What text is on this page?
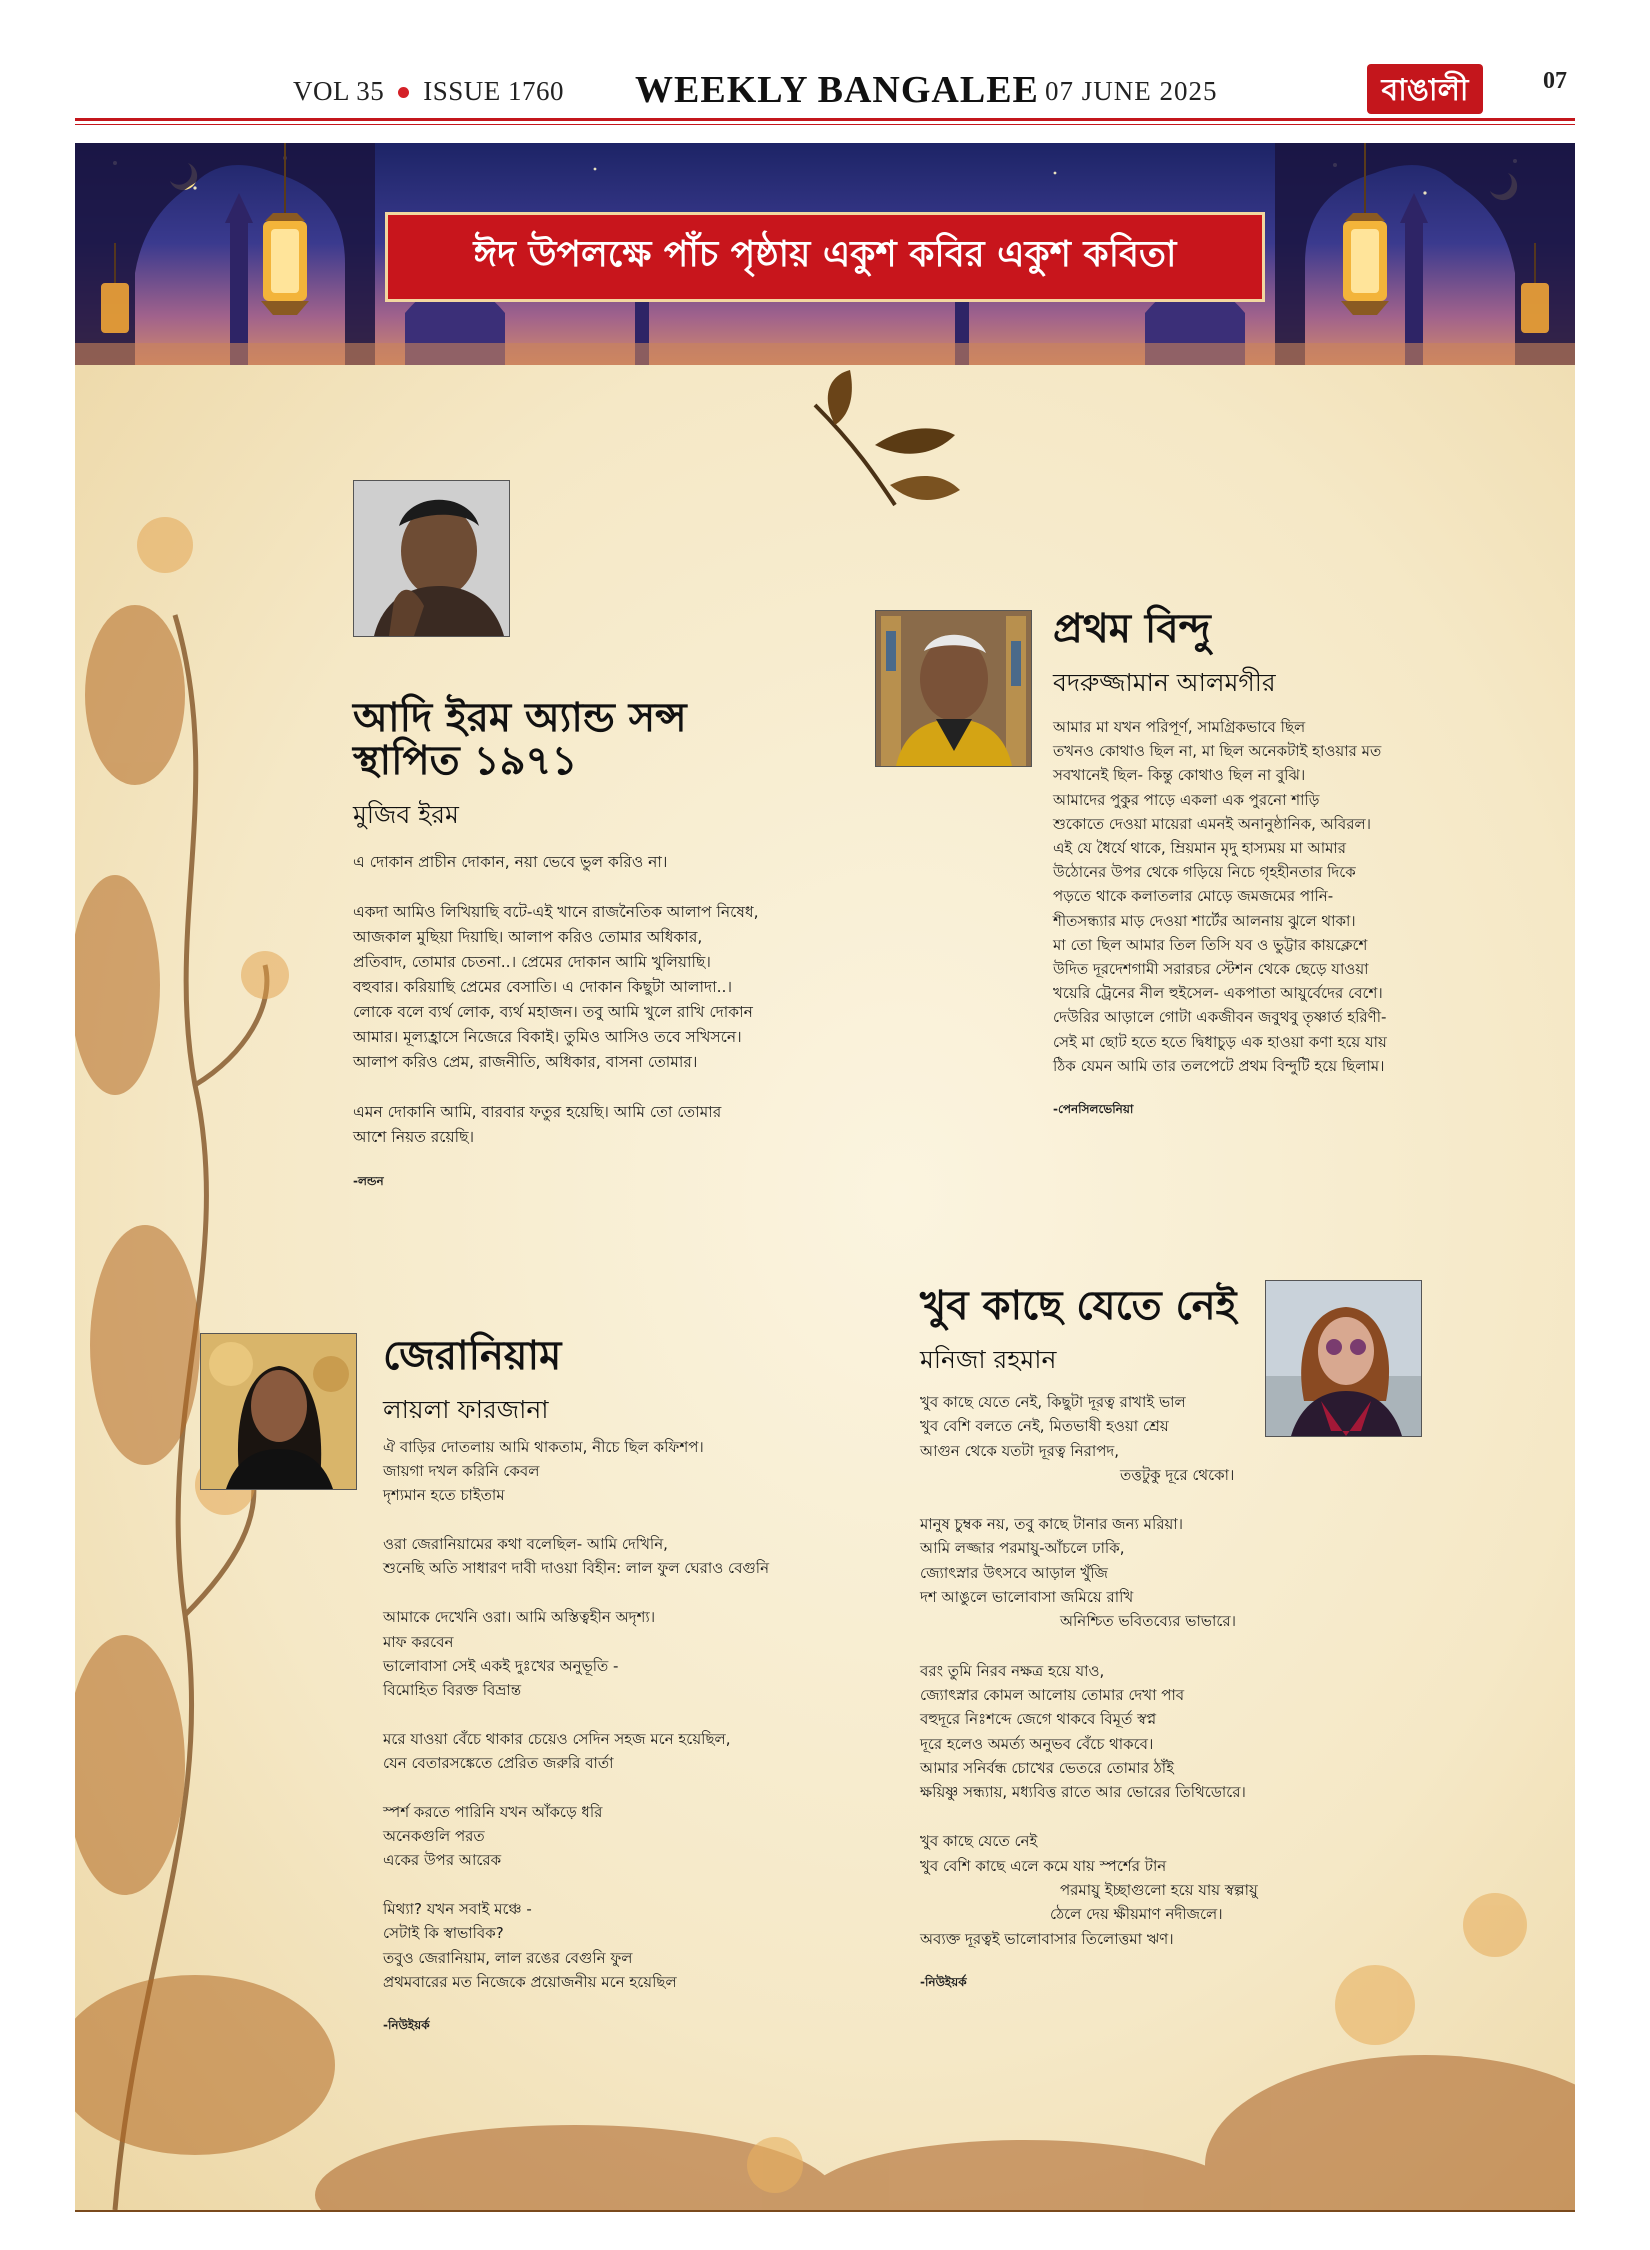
VOL 35 ISSUE 1760 WEEKLY BANGALEE 07 JUNE 2025	বাঙালী	07
ঈদ উপলক্ষে পাঁচ পৃষ্ঠায় একুশ কবির একুশ কবিতা
আদি ইরম অ্যান্ড সন্স
স্থাপিত ১৯৭১
মুজিব ইরম
এ দোকান প্রাচীন দোকান, নয়া ভেবে ভুল করিও না।
একদা আমিও লিখিয়াছি বটে-এই খানে রাজনৈতিক আলাপ নিষেধ,
আজকাল মুছিয়া দিয়াছি। আলাপ করিও তোমার অধিকার,
প্রতিবাদ, তোমার চেতনা..। প্রেমের দোকান আমি খুলিয়াছি।
বহুবার। করিয়াছি প্রেমের বেসাতি। এ দোকান কিছুটা আলাদা..।
লোকে বলে ব্যর্থ লোক, ব্যর্থ মহাজন। তবু আমি খুলে রাখি দোকান
আমার। মূল্যহ্রাসে নিজেরে বিকাই। তুমিও আসিও তবে সখিসনে।
আলাপ করিও প্রেম, রাজনীতি, অধিকার, বাসনা তোমার।
এমন দোকানি আমি, বারবার ফতুর হয়েছি। আমি তো তোমার
আশে নিয়ত রয়েছি।
-লন্ডন
প্রথম বিন্দু
বদরুজ্জামান আলমগীর
আমার মা যখন পরিপূর্ণ, সামগ্রিকভাবে ছিল
তখনও কোথাও ছিল না, মা ছিল অনেকটাই হাওয়ার মত
সবখানেই ছিল- কিন্তু কোথাও ছিল না বুঝি।
আমাদের পুকুর পাড়ে একলা এক পুরনো শাড়ি
শুকোতে দেওয়া মায়েরা এমনই অনানুষ্ঠানিক, অবিরল।
এই যে ধৈর্যে থাকে, ম্রিয়মান মৃদু হাস্যময় মা আমার
উঠোনের উপর থেকে গড়িয়ে নিচে গৃহহীনতার দিকে
পড়তে থাকে কলাতলার মোড়ে জমজমের পানি-
শীতসন্ধ্যার মাড় দেওয়া শার্টের আলনায় ঝুলে থাকা।
মা তো ছিল আমার তিল তিসি যব ও ভুট্টার কায়ক্লেশে
উদিত দূরদেশগামী সরারচর স্টেশন থেকে ছেড়ে যাওয়া
খয়েরি ট্রেনের নীল হুইসেল- একপাতা আয়ুর্বেদের বেশে।
দেউরির আড়ালে গোটা একজীবন জবুথবু তৃষ্ণার্ত হরিণী-
সেই মা ছোট হতে হতে দ্বিধাচুড় এক হাওয়া কণা হয়ে যায়
ঠিক যেমন আমি তার তলপেটে প্রথম বিন্দুটি হয়ে ছিলাম।
-পেনসিলভেনিয়া
জেরানিয়াম
লায়লা ফারজানা
ঐ বাড়ির দোতলায় আমি থাকতাম, নীচে ছিল কফিশপ।
জায়গা দখল করিনি কেবল
দৃশ্যমান হতে চাইতাম
ওরা জেরানিয়ামের কথা বলেছিল- আমি দেখিনি,
শুনেছি অতি সাধারণ দাবী দাওয়া বিহীন: লাল ফুল ঘেরাও বেগুনি
আমাকে দেখেনি ওরা। আমি অস্তিত্বহীন অদৃশ্য।
মাফ করবেন
ভালোবাসা সেই একই দুঃখের অনুভূতি -
বিমোহিত বিরক্ত বিভ্রান্ত
মরে যাওয়া বেঁচে থাকার চেয়েও সেদিন সহজ মনে হয়েছিল,
যেন বেতারসঙ্কেতে প্রেরিত জরুরি বার্তা
স্পর্শ করতে পারিনি যখন আঁকড়ে ধরি
অনেকগুলি পরত
একের উপর আরেক
মিথ্যা? যখন সবাই মঞ্চে -
সেটাই কি স্বাভাবিক?
তবুও জেরানিয়াম, লাল রঙের বেগুনি ফুল
প্রথমবারের মত নিজেকে প্রয়োজনীয় মনে হয়েছিল
-নিউইয়র্ক
খুব কাছে যেতে নেই
মনিজা রহমান
খুব কাছে যেতে নেই, কিছুটা দূরত্ব রাখাই ভাল
খুব বেশি বলতে নেই, মিতভাষী হওয়া শ্রেয়
আগুন থেকে যতটা দূরত্ব নিরাপদ,
তত্তটুকু দূরে থেকো।
মানুষ চুম্বক নয়, তবু কাছে টানার জন্য মরিয়া।
আমি লজ্জার পরমায়ু-আঁচলে ঢাকি,
জ্যোৎস্নার উৎসবে আড়াল খুঁজি
দশ আঙুলে ভালোবাসা জমিয়ে রাখি
অনিশ্চিত ভবিতব্যের ভাভারে।
বরং তুমি নিরব নক্ষত্র হয়ে যাও,
জ্যোৎস্নার কোমল আলোয় তোমার দেখা পাব
বহুদূরে নিঃশব্দে জেগে থাকবে বিমূর্ত স্বপ্ন
দূরে হলেও অমর্ত্য অনুভব বেঁচে থাকবে।
আমার সনির্বন্ধ চোখের ভেতরে তোমার ঠাঁই
ক্ষয়িষ্ণু সন্ধ্যায়, মধ্যবিত্ত রাতে আর ভোরের তিথিডোরে।
খুব কাছে যেতে নেই
খুব বেশি কাছে এলে কমে যায় স্পর্শের টান
পরমায়ু ইচ্ছাগুলো হয়ে যায় স্বল্পায়ু
ঠেলে দেয় ক্ষীয়মাণ নদীজলে।
অব্যক্ত দূরত্বই ভালোবাসার তিলোত্তমা ঋণ।
-নিউইয়র্ক
